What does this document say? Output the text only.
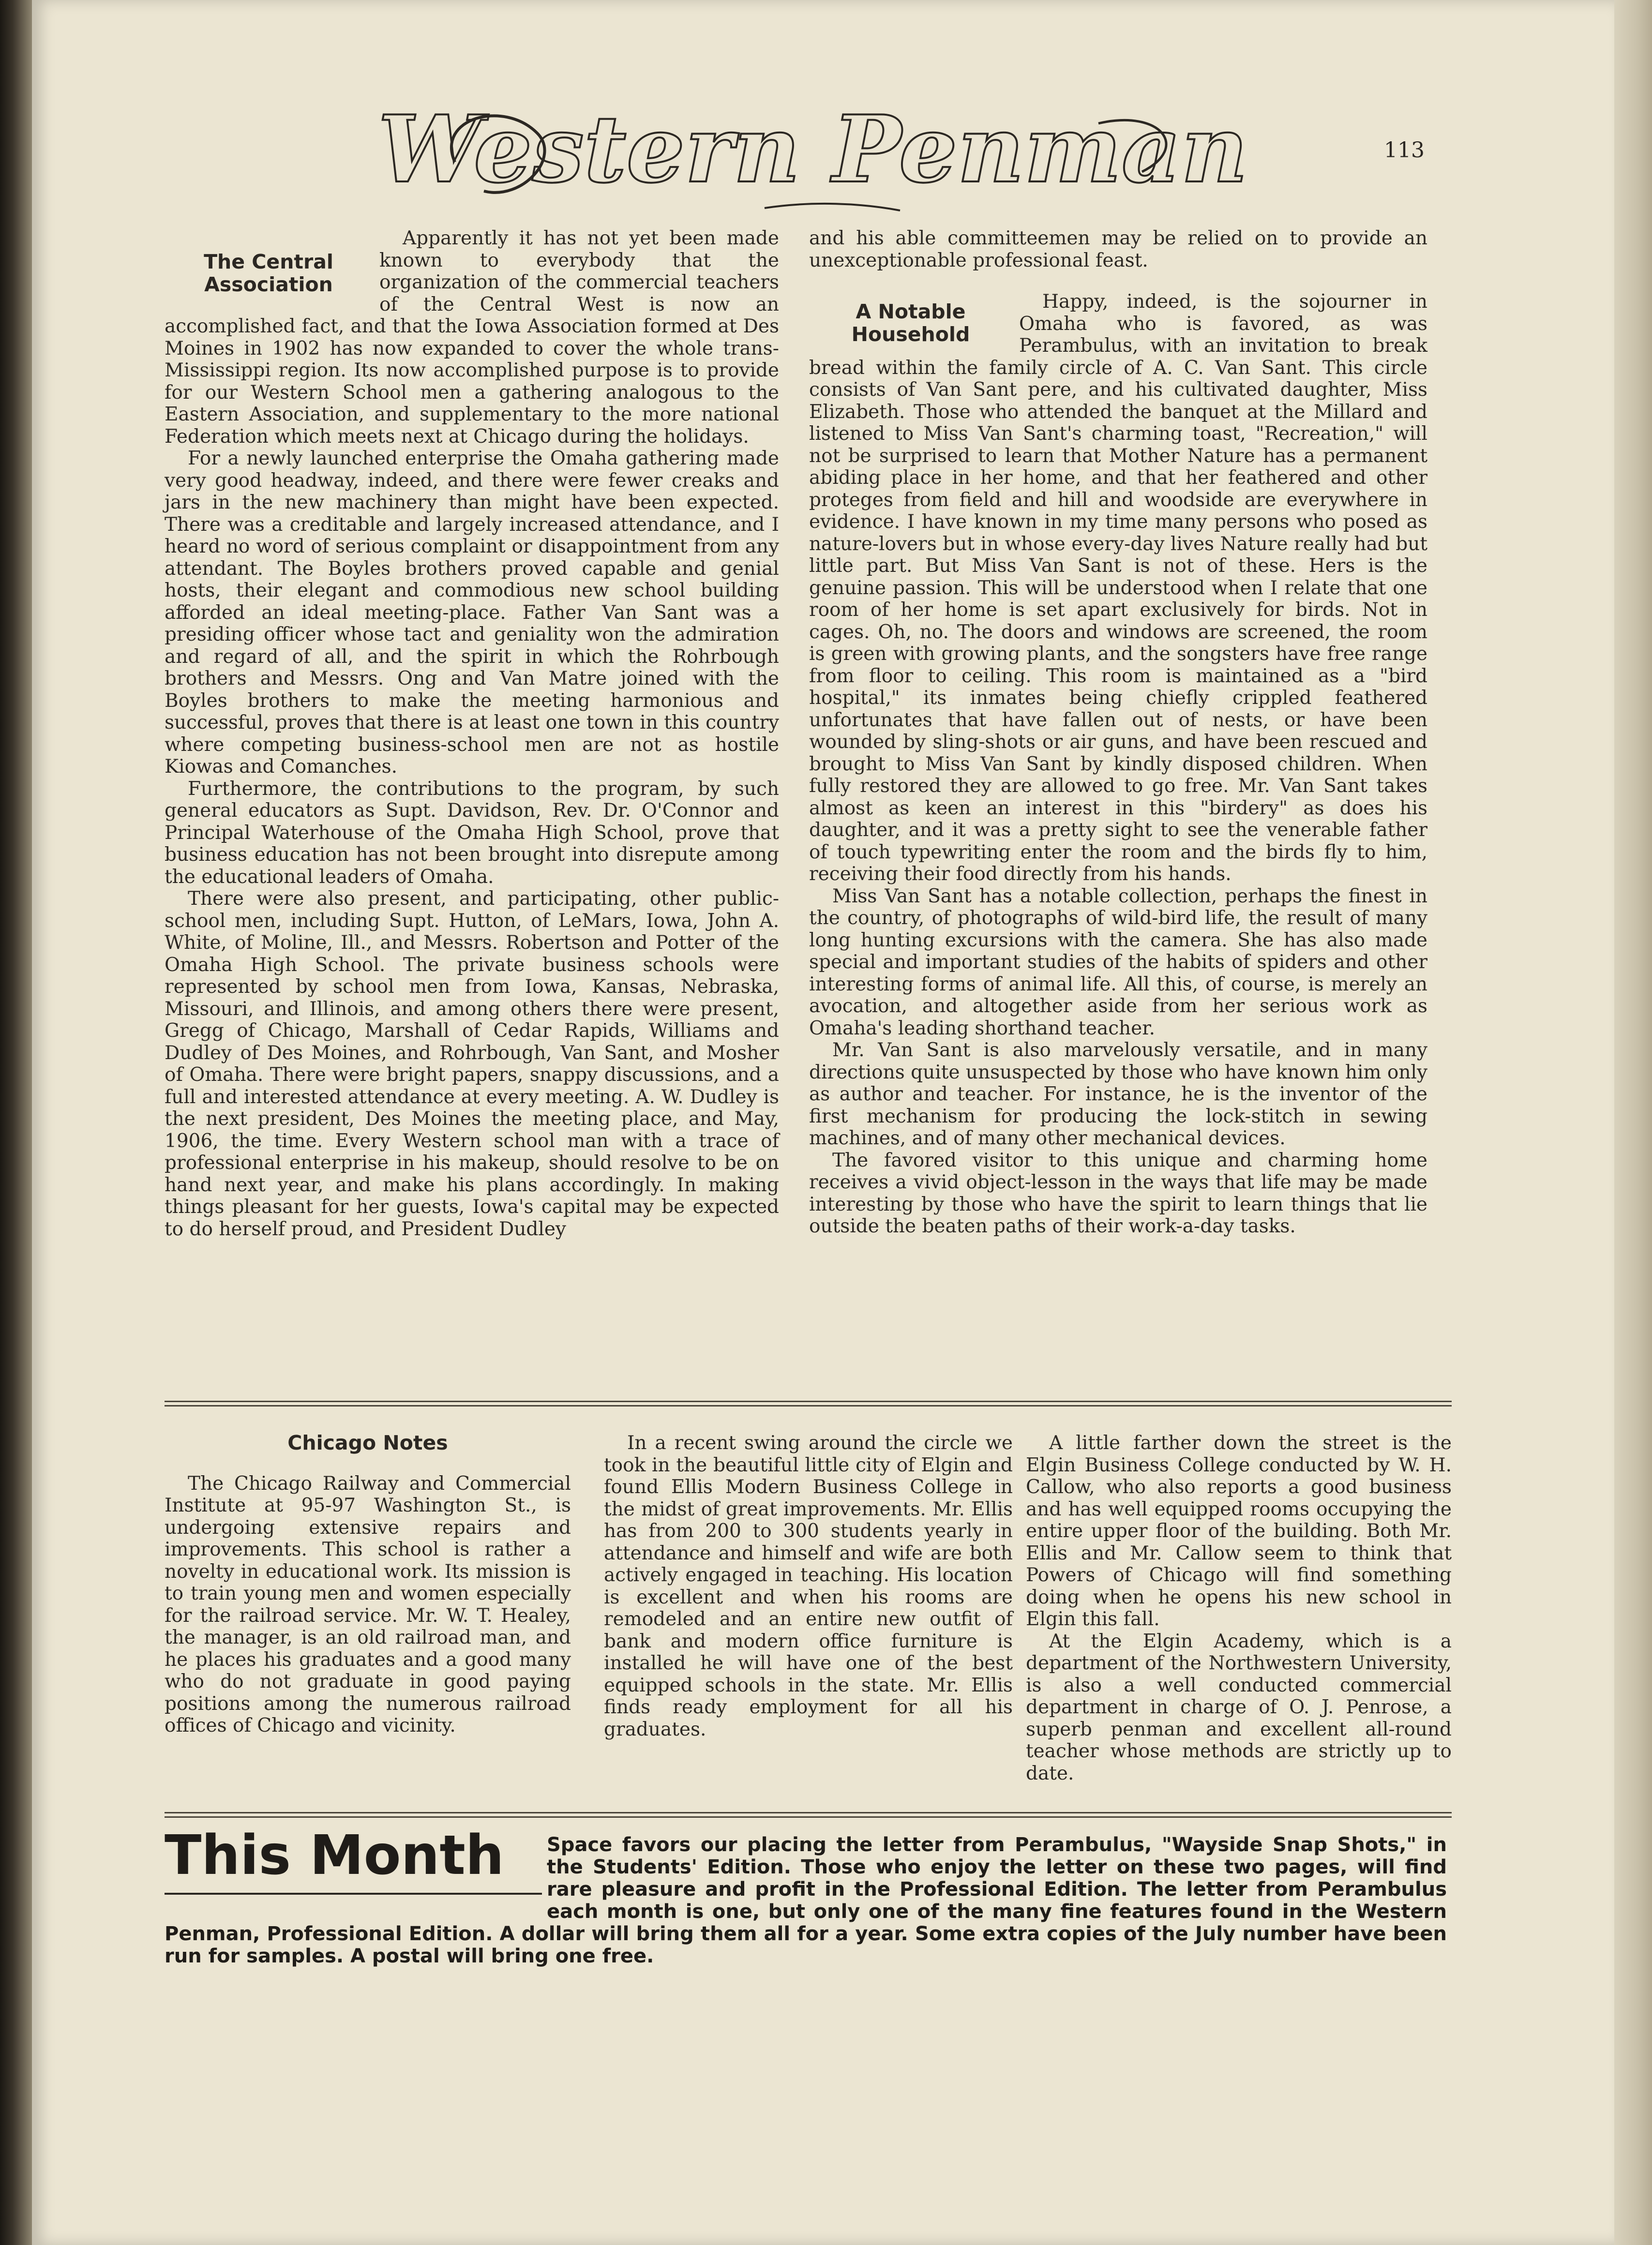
Western Penman	113
The Central Association

Apparently it has not yet been made known to everybody that the organization of the commercial teachers of the Central West is now an accomplished fact, and that the Iowa Association formed at Des Moines in 1902 has now expanded to cover the whole trans-Mississippi region. Its now accomplished purpose is to provide for our Western School men a gathering analogous to the Eastern Association, and supplementary to the more national Federation which meets next at Chicago during the holidays.

For a newly launched enterprise the Omaha gathering made very good headway, indeed, and there were fewer creaks and jars in the new machinery than might have been expected. There was a creditable and largely increased attendance, and I heard no word of serious complaint or disappointment from any attendant. The Boyles brothers proved capable and genial hosts, their elegant and commodious new school building afforded an ideal meeting-place. Father Van Sant was a presiding officer whose tact and geniality won the admiration and regard of all, and the spirit in which the Rohrbough brothers and Messrs. Ong and Van Matre joined with the Boyles brothers to make the meeting harmonious and successful, proves that there is at least one town in this country where competing business-school men are not as hostile Kiowas and Comanches.

Furthermore, the contributions to the program, by such general educators as Supt. Davidson, Rev. Dr. O'Connor and Principal Waterhouse of the Omaha High School, prove that business education has not been brought into disrepute among the educational leaders of Omaha.

There were also present, and participating, other public-school men, including Supt. Hutton, of LeMars, Iowa, John A. White, of Moline, Ill., and Messrs. Robertson and Potter of the Omaha High School. The private business schools were represented by school men from Iowa, Kansas, Nebraska, Missouri, and Illinois, and among others there were present, Gregg of Chicago, Marshall of Cedar Rapids, Williams and Dudley of Des Moines, and Rohrbough, Van Sant, and Mosher of Omaha. There were bright papers, snappy discussions, and a full and interested attendance at every meeting. A. W. Dudley is the next president, Des Moines the meeting place, and May, 1906, the time. Every Western school man with a trace of professional enterprise in his makeup, should resolve to be on hand next year, and make his plans accordingly. In making things pleasant for her guests, Iowa's capital may be expected to do herself proud, and President Dudley

and his able committeemen may be relied on to provide an unexceptionable professional feast.

A Notable Household

Happy, indeed, is the sojourner in Omaha who is favored, as was Perambulus, with an invitation to break bread within the family circle of A. C. Van Sant. This circle consists of Van Sant pere, and his cultivated daughter, Miss Elizabeth. Those who attended the banquet at the Millard and listened to Miss Van Sant's charming toast, "Recreation," will not be surprised to learn that Mother Nature has a permanent abiding place in her home, and that her feathered and other proteges from field and hill and woodside are everywhere in evidence. I have known in my time many persons who posed as nature-lovers but in whose every-day lives Nature really had but little part. But Miss Van Sant is not of these. Hers is the genuine passion. This will be understood when I relate that one room of her home is set apart exclusively for birds. Not in cages. Oh, no. The doors and windows are screened, the room is green with growing plants, and the songsters have free range from floor to ceiling. This room is maintained as a "bird hospital," its inmates being chiefly crippled feathered unfortunates that have fallen out of nests, or have been wounded by sling-shots or air guns, and have been rescued and brought to Miss Van Sant by kindly disposed children. When fully restored they are allowed to go free. Mr. Van Sant takes almost as keen an interest in this "birdery" as does his daughter, and it was a pretty sight to see the venerable father of touch typewriting enter the room and the birds fly to him, receiving their food directly from his hands.

Miss Van Sant has a notable collection, perhaps the finest in the country, of photographs of wild-bird life, the result of many long hunting excursions with the camera. She has also made special and important studies of the habits of spiders and other interesting forms of animal life. All this, of course, is merely an avocation, and altogether aside from her serious work as Omaha's leading shorthand teacher.

Mr. Van Sant is also marvelously versatile, and in many directions quite unsuspected by those who have known him only as author and teacher. For instance, he is the inventor of the first mechanism for producing the lock-stitch in sewing machines, and of many other mechanical devices.

The favored visitor to this unique and charming home receives a vivid object-lesson in the ways that life may be made interesting by those who have the spirit to learn things that lie outside the beaten paths of their work-a-day tasks.

Chicago Notes

The Chicago Railway and Commercial Institute at 95-97 Washington St., is undergoing extensive repairs and improvements. This school is rather a novelty in educational work. Its mission is to train young men and women especially for the railroad service. Mr. W. T. Healey, the manager, is an old railroad man, and he places his graduates and a good many who do not graduate in good paying positions among the numerous railroad offices of Chicago and vicinity.

In a recent swing around the circle we took in the beautiful little city of Elgin and found Ellis Modern Business College in the midst of great improvements. Mr. Ellis has from 200 to 300 students yearly in attendance and himself and wife are both actively engaged in teaching. His location is excellent and when his rooms are remodeled and an entire new outfit of bank and modern office furniture is installed he will have one of the best equipped schools in the state. Mr. Ellis finds ready employment for all his graduates.

A little farther down the street is the Elgin Business College conducted by W. H. Callow, who also reports a good business and has well equipped rooms occupying the entire upper floor of the building. Both Mr. Ellis and Mr. Callow seem to think that Powers of Chicago will find something doing when he opens his new school in Elgin this fall.

At the Elgin Academy, which is a department of the Northwestern University, is also a well conducted commercial department in charge of O. J. Penrose, a superb penman and excellent all-round teacher whose methods are strictly up to date.

Space favors our placing the letter from Perambulus, "Wayside Snap Shots," in the Students' Edition. Those who enjoy the letter on these two pages, will find rare pleasure and profit in the Professional Edition. The letter from Perambulus each month is one, but only one of the many fine features found in the Western Penman, Professional Edition. A dollar will bring them all for a year. Some extra copies of the July number have been run for samples. A postal will bring one free.
This Month
